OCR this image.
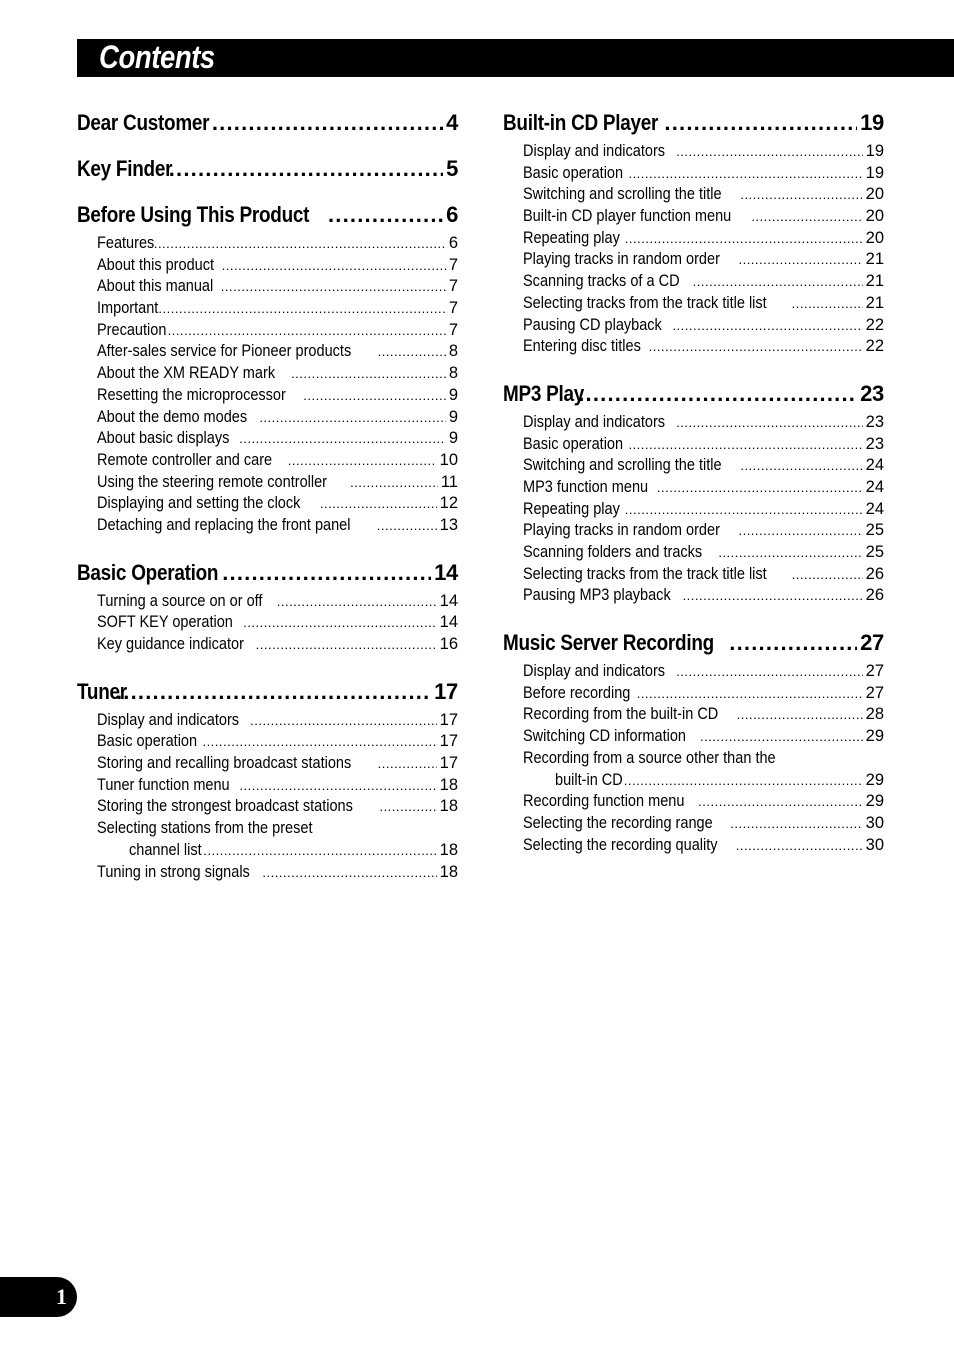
Contents
Dear Customer .....	4
Key Finder .....	5
Before Using This Product .....	6
Features .....	6
About this product .....	7
About this manual .....	7
Important .....	7
Precaution .....	7
After-sales service for Pioneer products .....	8
About the XM READY mark .....	8
Resetting the microprocessor .....	9
About the demo modes .....	9
About basic displays .....	9
Remote controller and care .....	10
Using the steering remote controller .....	11
Displaying and setting the clock .....	12
Detaching and replacing the front panel .....	13
Basic Operation .....	14
Turning a source on or off .....	14
SOFT KEY operation .....	14
Key guidance indicator .....	16
Tuner .....	17
Display and indicators .....	17
Basic operation .....	17
Storing and recalling broadcast stations .....	17
Tuner function menu .....	18
Storing the strongest broadcast stations .....	18
Selecting stations from the preset
channel list .....	18
Tuning in strong signals .....	18
Built-in CD Player .....	19
Display and indicators .....	19
Basic operation .....	19
Switching and scrolling the title .....	20
Built-in CD player function menu .....	20
Repeating play .....	20
Playing tracks in random order .....	21
Scanning tracks of a CD .....	21
Selecting tracks from the track title list .....	21
Pausing CD playback .....	22
Entering disc titles .....	22
MP3 Play .....	23
Display and indicators .....	23
Basic operation .....	23
Switching and scrolling the title .....	24
MP3 function menu .....	24
Repeating play .....	24
Playing tracks in random order .....	25
Scanning folders and tracks .....	25
Selecting tracks from the track title list .....	26
Pausing MP3 playback .....	26
Music Server Recording .....	27
Display and indicators .....	27
Before recording .....	27
Recording from the built-in CD .....	28
Switching CD information .....	29
Recording from a source other than the
built-in CD .....	29
Recording function menu .....	29
Selecting the recording range .....	30
Selecting the recording quality .....	30
1
